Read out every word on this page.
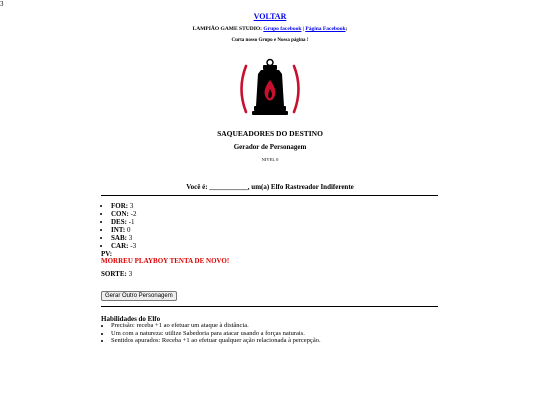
3
VOLTAR
LAMPIÃO GAME STUDIO: Grupo facebook | Página Facebook;
Curta nosso Grupo e Nossa página !
SAQUEADORES DO DESTINO
Gerador de Personagem
NIVEL 0
Você é: ___________, um(a) Elfo Rastreador Indiferente
• FOR: 3
• CON: -2
• DES: -1
• INT: 0
• SAB: 3
• CAR: -3
PV:
MORREU PLAYBOY TENTA DE NOVO!
SORTE: 3
Gerar Outro Personagem
Habilidades do Elfo
• Precisão: receba +1 ao efetuar um ataque à distância.
• Um com a natureza: utilize Sabedoria para atacar usando a forças naturais.
• Sentidos apurados: Receba +1 ao efetuar qualquer ação relacionada à percepção.
